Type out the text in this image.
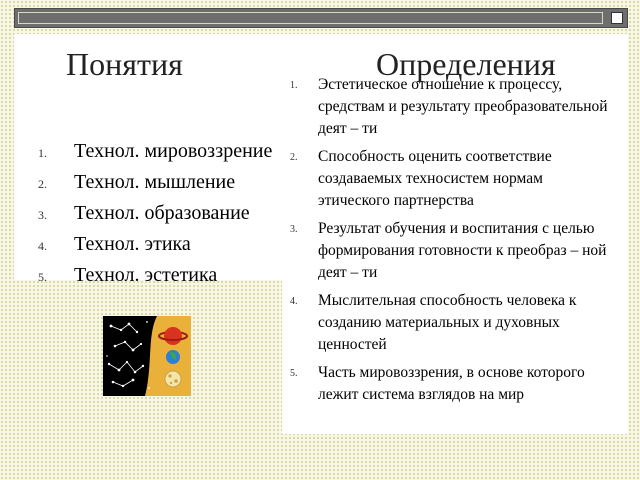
Понятия
1. Технол. мировоззрение
2. Технол. мышление
3. Технол. образование
4. Технол. этика
5. Технол. эстетика
1. Эстетическое отношение к процессу, средствам и результату преобразовательной деят – ти
2. Способность оценить соответствие создаваемых техносистем нормам этического партнерства
3. Результат обучения и воспитания с целью формирования готовности к преобраз – ной деят – ти
4. Мыслительная способность человека к созданию материальных и духовных ценностей
5. Часть мировоззрения, в основе которого лежит система взглядов на мир
Определения
